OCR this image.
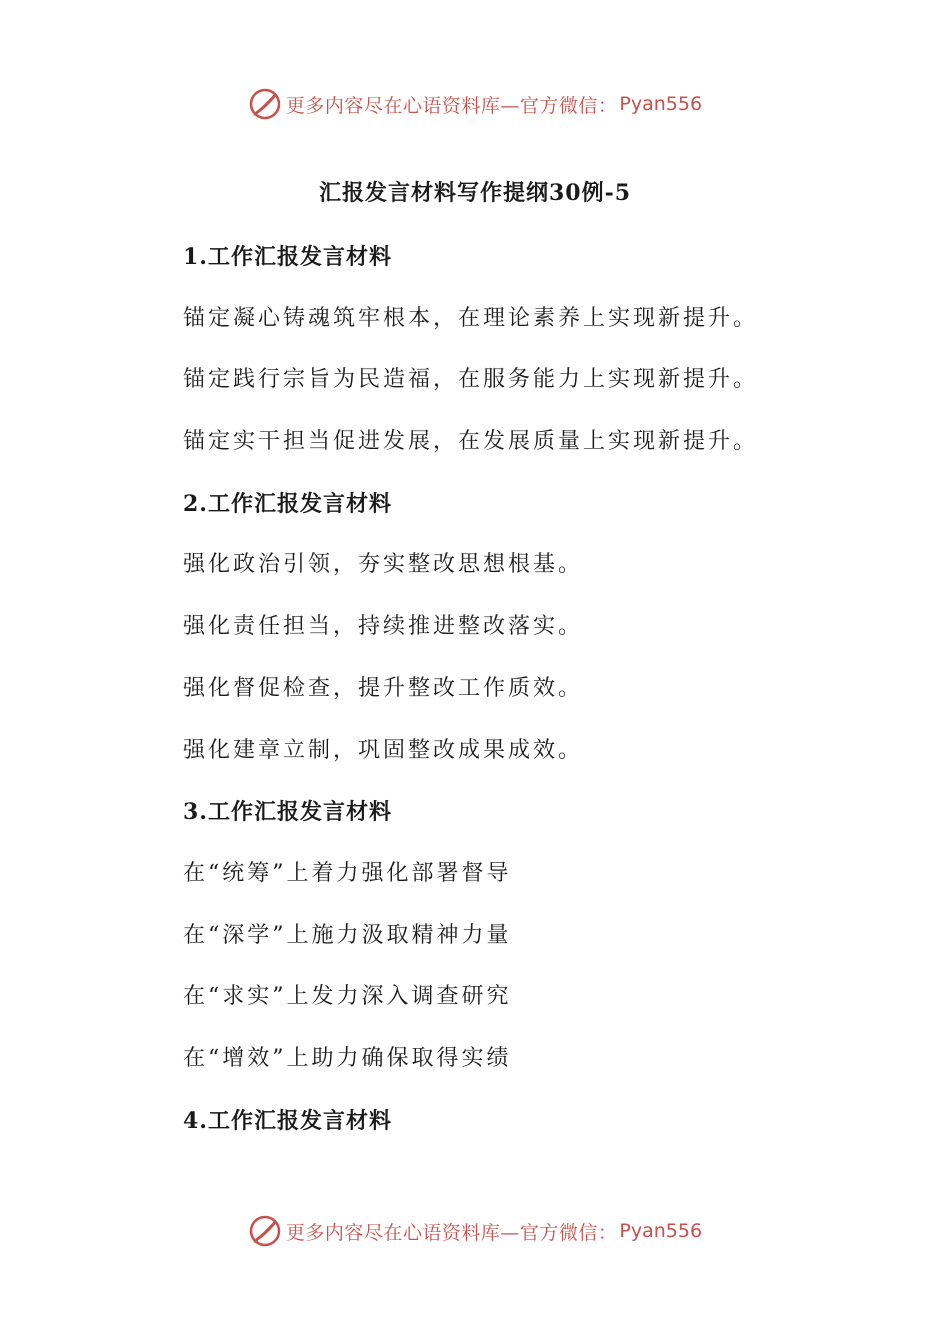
更多内容尽在心语资料库—官方微信： Pyan556
汇报发言材料写作提纲30例-5
1.工作汇报发言材料
锚定凝心铸魂筑牢根本，在理论素养上实现新提升。
锚定践行宗旨为民造福，在服务能力上实现新提升。
锚定实干担当促进发展，在发展质量上实现新提升。
2.工作汇报发言材料
强化政治引领，夯实整改思想根基。
强化责任担当，持续推进整改落实。
强化督促检查，提升整改工作质效。
强化建章立制，巩固整改成果成效。
3.工作汇报发言材料
在“统筹”上着力强化部署督导
在“深学”上施力汲取精神力量
在“求实”上发力深入调查研究
在“增效”上助力确保取得实绩
4.工作汇报发言材料
更多内容尽在心语资料库—官方微信： Pyan556
